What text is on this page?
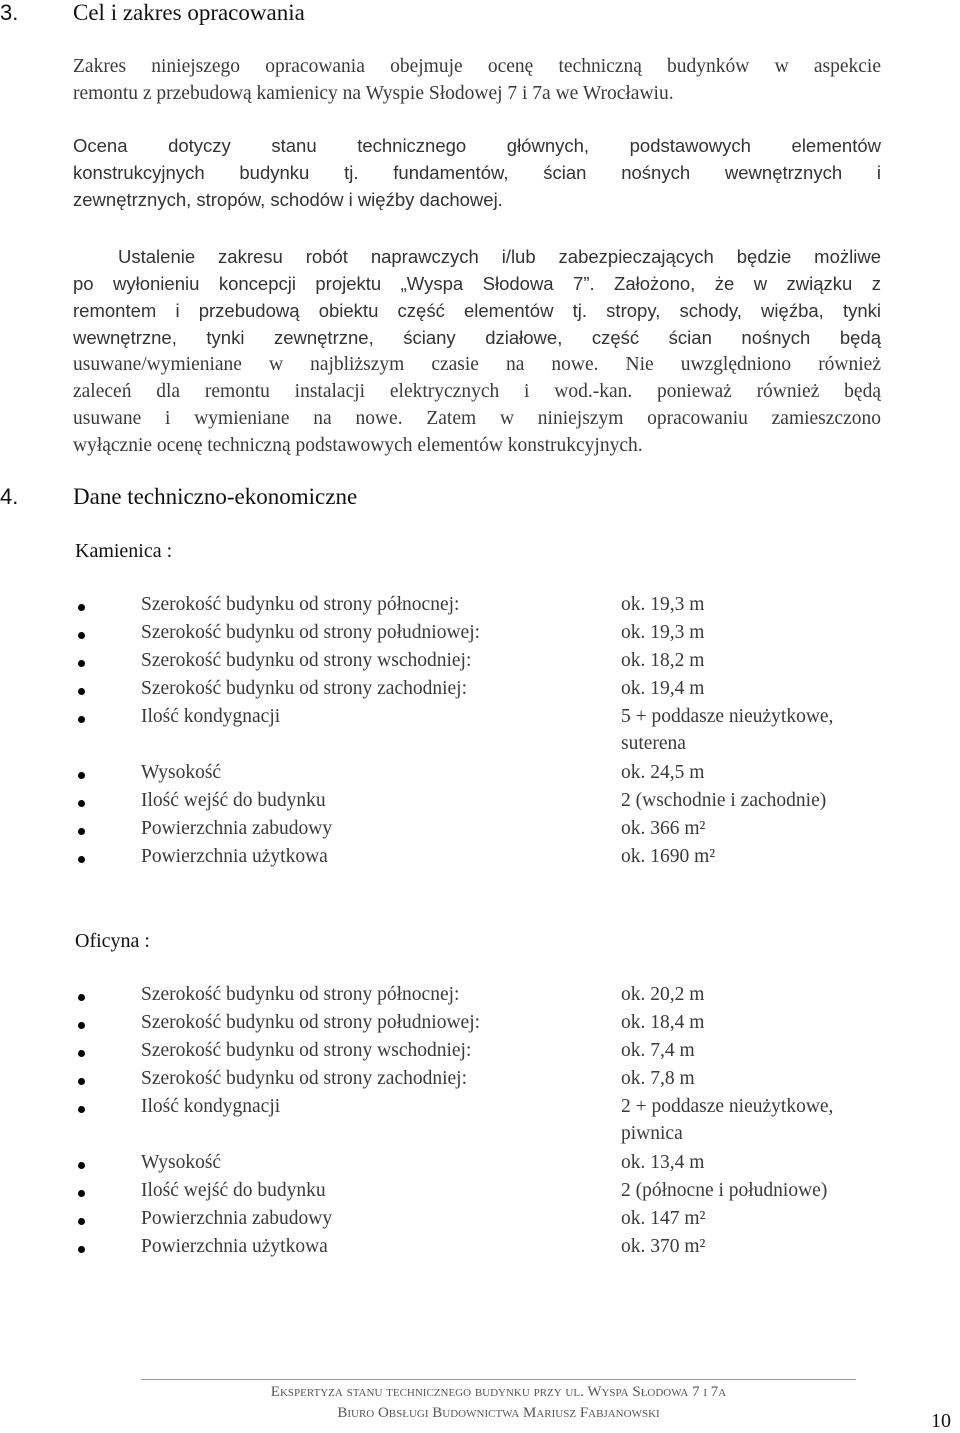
3. Cel i zakres opracowania
Zakres niniejszego opracowania obejmuje ocenę techniczną budynków w aspekcie
remontu z przebudową kamienicy na Wyspie Słodowej 7 i 7a we Wrocławiu.
Ocena dotyczy stanu technicznego głównych, podstawowych elementów
konstrukcyjnych budynku tj. fundamentów, ścian nośnych wewnętrznych i
zewnętrznych, stropów, schodów i więźby dachowej.
Ustalenie zakresu robót naprawczych i/lub zabezpieczających będzie możliwe
po wyłonieniu koncepcji projektu „Wyspa Słodowa 7”. Założono, że w związku z
remontem i przebudową obiektu część elementów tj. stropy, schody, więźba, tynki
wewnętrzne, tynki zewnętrzne, ściany działowe, część ścian nośnych będą
usuwane/wymieniane w najbliższym czasie na nowe. Nie uwzględniono również
zaleceń dla remontu instalacji elektrycznych i wod.-kan. ponieważ również będą
usuwane i wymieniane na nowe. Zatem w niniejszym opracowaniu zamieszczono
wyłącznie ocenę techniczną podstawowych elementów konstrukcyjnych.
4. Dane techniczno-ekonomiczne
Kamienica :
Szerokość budynku od strony północnej:	ok. 19,3 m
Szerokość budynku od strony południowej:	ok. 19,3 m
Szerokość budynku od strony wschodniej:	ok. 18,2 m
Szerokość budynku od strony zachodniej:	ok. 19,4 m
Ilość kondygnacji	5 + poddasze nieużytkowe,
suterena
Wysokość	ok. 24,5 m
Ilość wejść do budynku	2 (wschodnie i zachodnie)
Powierzchnia zabudowy	ok. 366 m²
Powierzchnia użytkowa	ok. 1690 m²
Oficyna :
Szerokość budynku od strony północnej:	ok. 20,2 m
Szerokość budynku od strony południowej:	ok. 18,4 m
Szerokość budynku od strony wschodniej:	ok. 7,4 m
Szerokość budynku od strony zachodniej:	ok. 7,8 m
Ilość kondygnacji	2 + poddasze nieużytkowe,
piwnica
Wysokość	ok. 13,4 m
Ilość wejść do budynku	2 (północne i południowe)
Powierzchnia zabudowy	ok. 147 m²
Powierzchnia użytkowa	ok. 370 m²
Ekspertyza stanu technicznego budynku przy ul. Wyspa Słodowa 7 i 7a
Biuro Obsługi Budownictwa Mariusz Fabjanowski	10
